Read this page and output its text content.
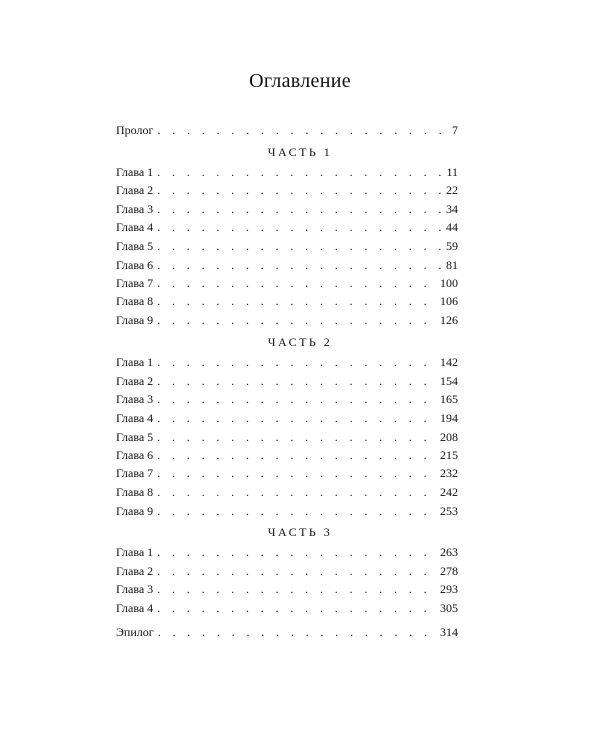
Оглавление
Пролог . . .	7
Глава 1 . . .	11
Глава 2 . . .	22
Глава 3 . . .	34
Глава 4 . . .	44
Глава 5 . . .	59
Глава 6 . . .	81
Глава 7 . . .	100
Глава 8 . . .	106
Глава 9 . . .	126
Глава 1 . . .	142
Глава 2 . . .	154
Глава 3 . . .	165
Глава 4 . . .	194
Глава 5 . . .	208
Глава 6 . . .	215
Глава 7 . . .	232
Глава 8 . . .	242
Глава 9 . . .	253
Глава 1 . . .	263
Глава 2 . . .	278
Глава 3 . . .	293
Глава 4 . . .	305
Эпилог . . .	314
ЧАСТЬ 1
ЧАСТЬ 2
ЧАСТЬ 3
